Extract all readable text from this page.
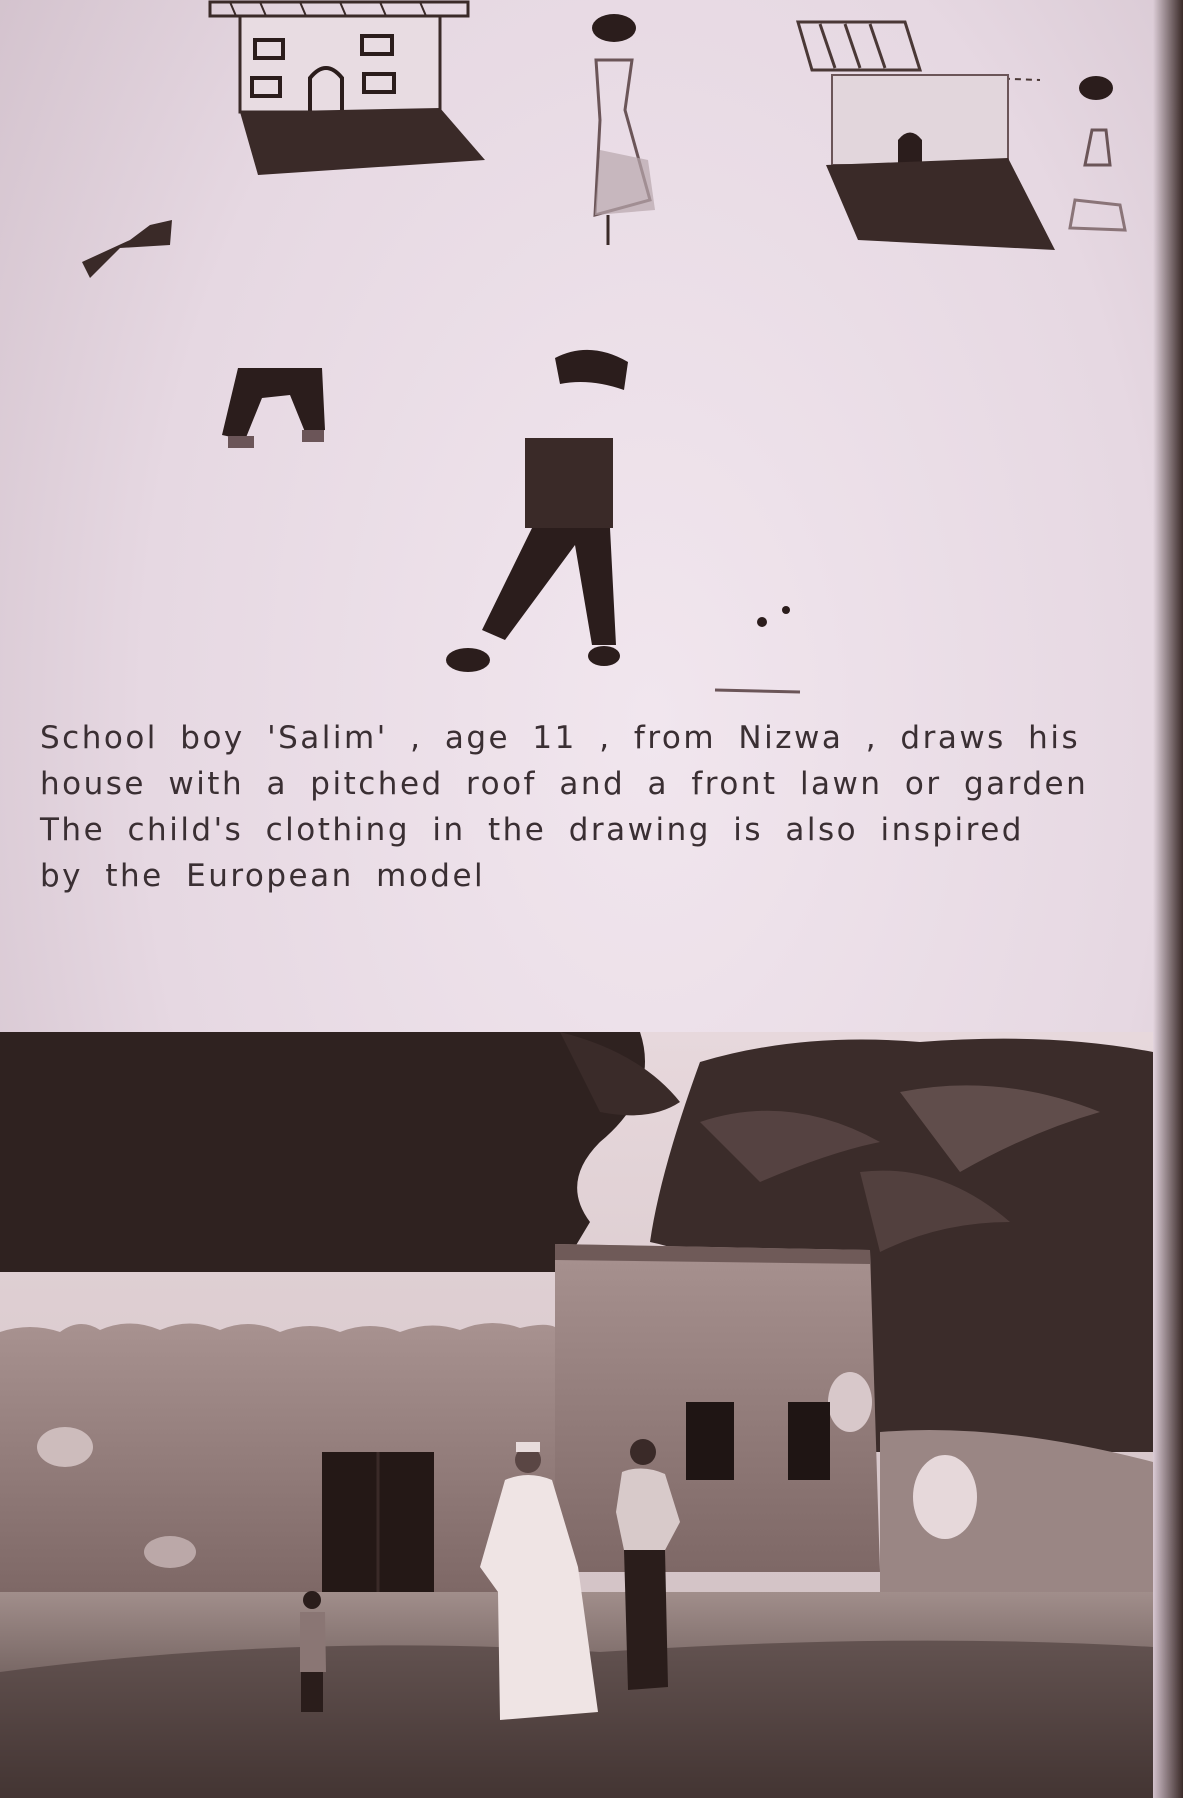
School boy 'Salim' , age 11 , from Nizwa , draws his
house with a pitched roof and a front lawn or garden
The child's clothing in the drawing is also inspired
by the European model
